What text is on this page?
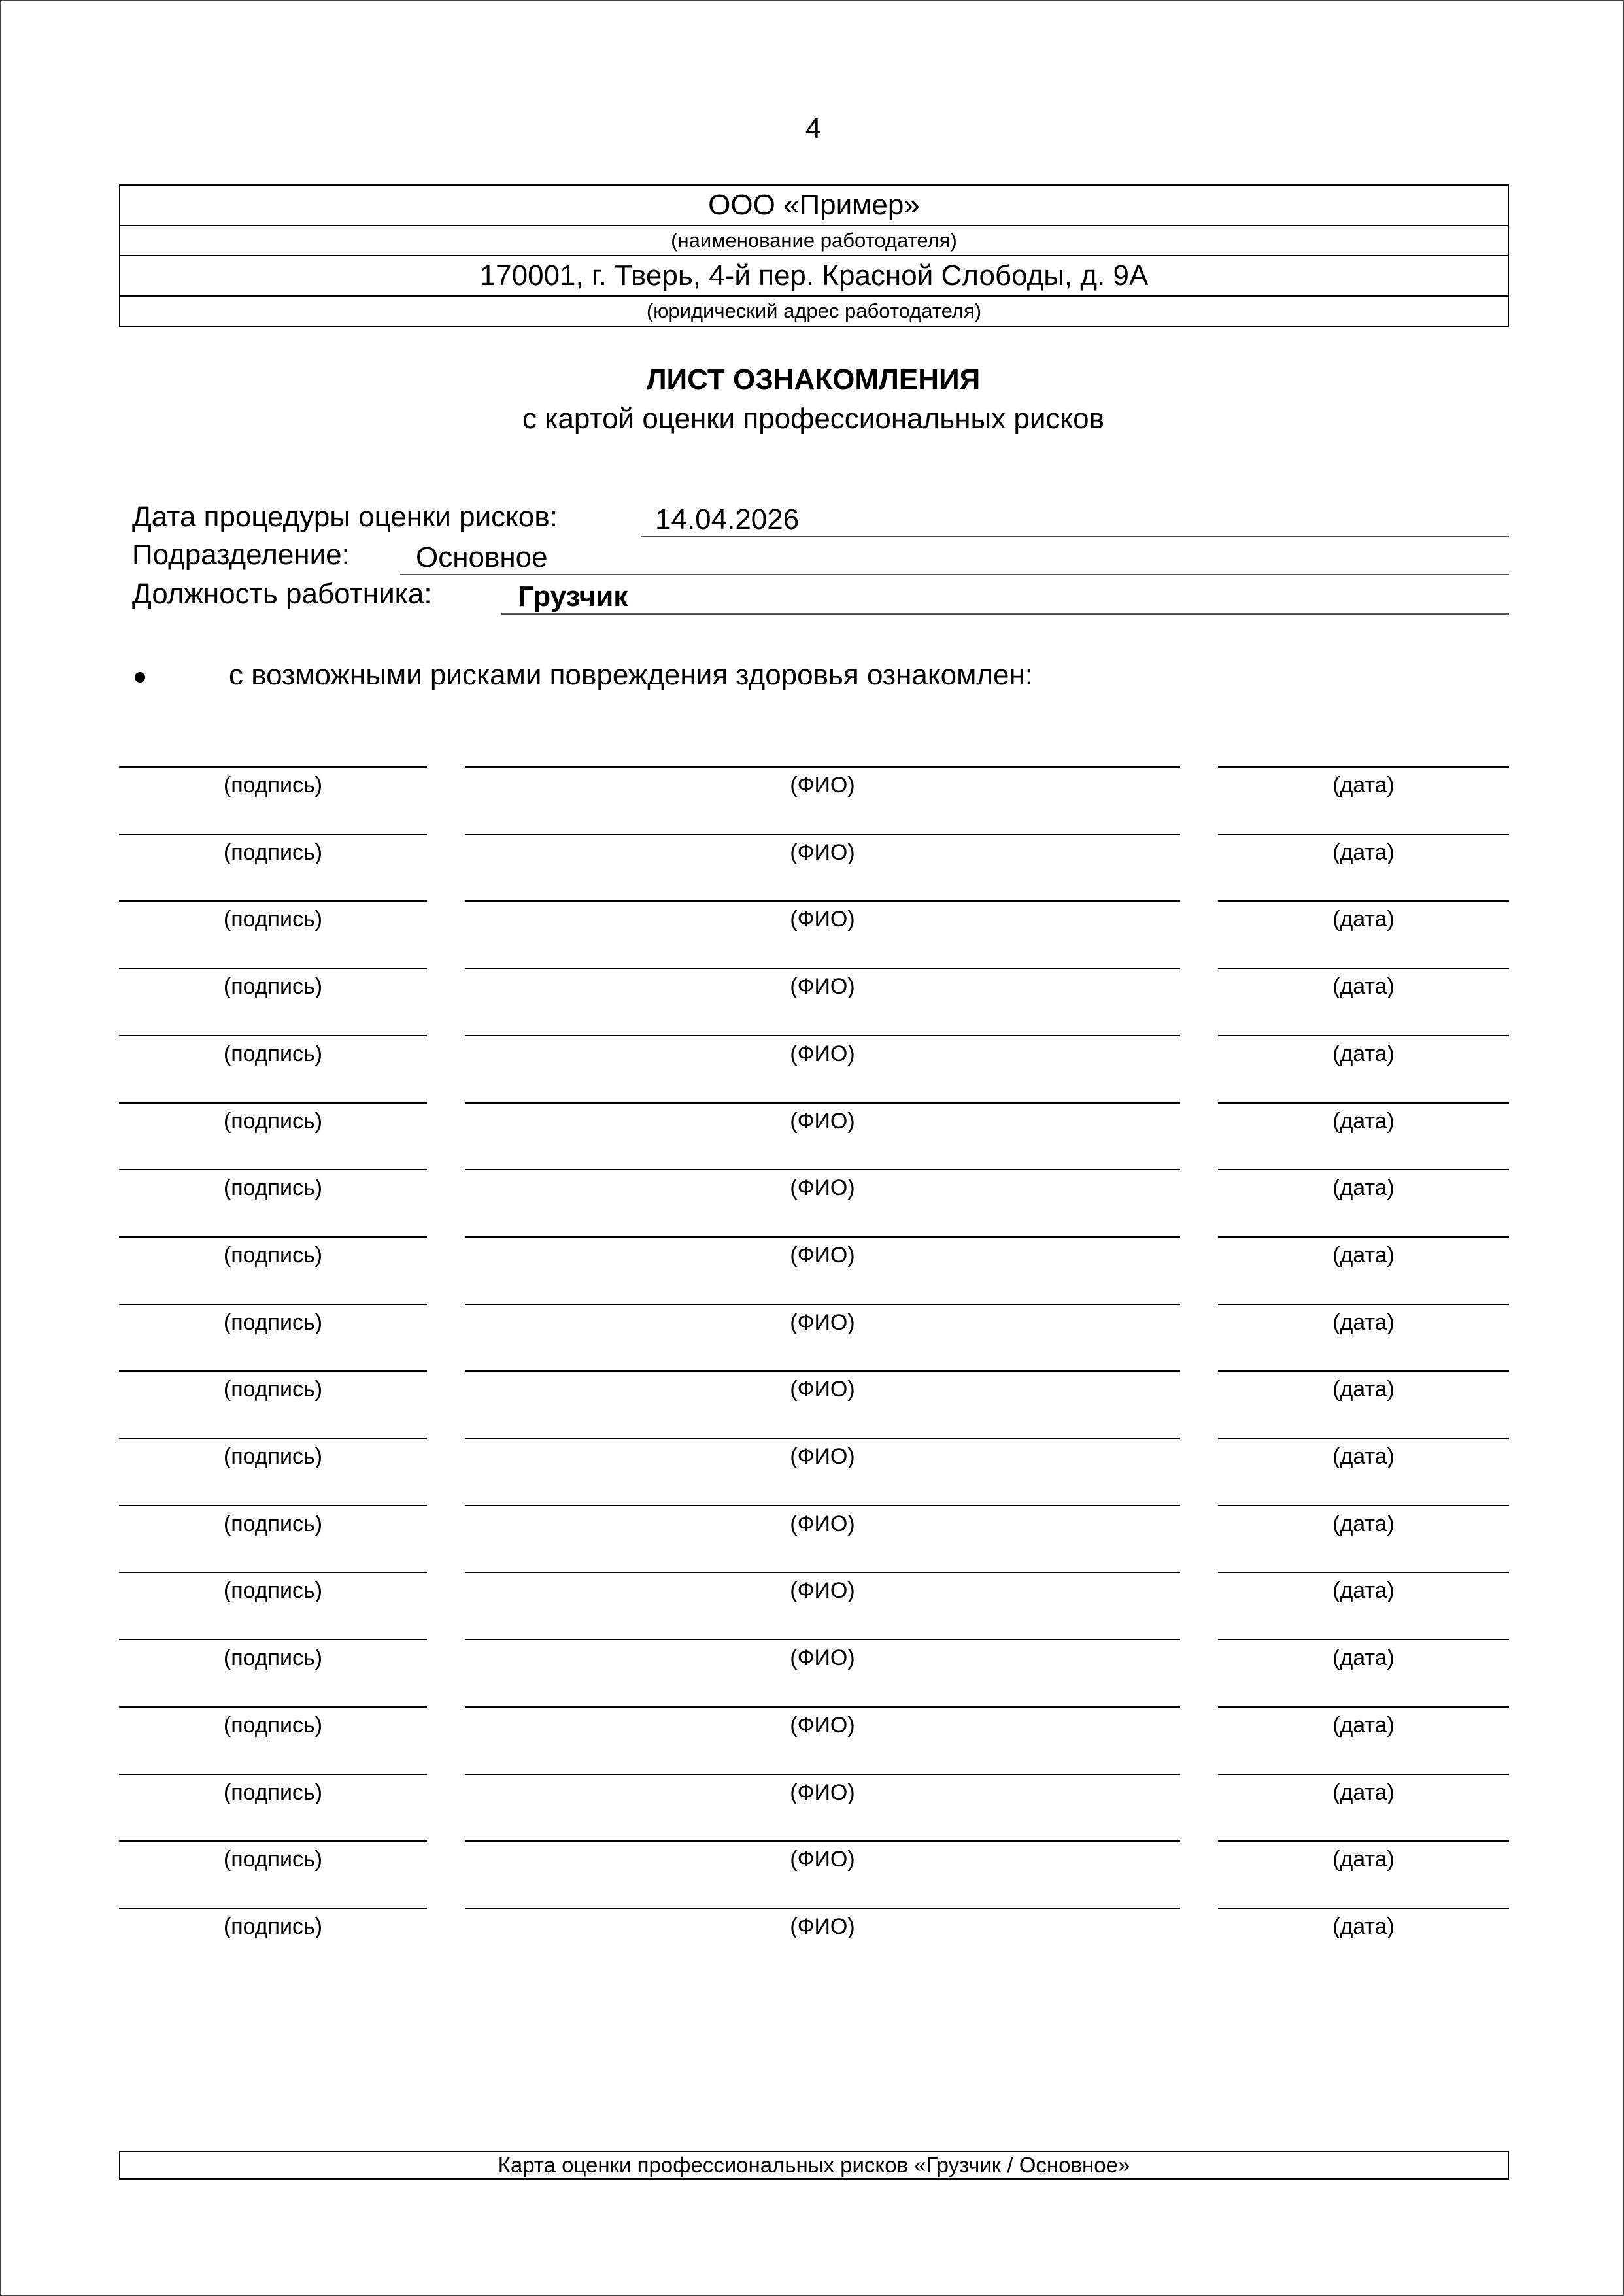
4
ООО «Пример»
(наименование работодателя)
170001, г. Тверь, 4-й пер. Красной Слободы, д. 9А
(юридический адрес работодателя)
ЛИСТ ОЗНАКОМЛЕНИЯ
с картой оценки профессиональных рисков
Дата процедуры оценки рисков:	14.04.2026
Подразделение: Основное
Должность работника:	Грузчик
с возможными рисками повреждения здоровья ознакомлен:
(подпись)	(ФИО)	(дата)
(подпись)	(ФИО)	(дата)
(подпись)	(ФИО)	(дата)
(подпись)	(ФИО)	(дата)
(подпись)	(ФИО)	(дата)
(подпись)	(ФИО)	(дата)
(подпись)	(ФИО)	(дата)
(подпись)	(ФИО)	(дата)
(подпись)	(ФИО)	(дата)
(подпись)	(ФИО)	(дата)
(подпись)	(ФИО)	(дата)
(подпись)	(ФИО)	(дата)
(подпись)	(ФИО)	(дата)
(подпись)	(ФИО)	(дата)
(подпись)	(ФИО)	(дата)
(подпись)	(ФИО)	(дата)
(подпись)	(ФИО)	(дата)
(подпись)	(ФИО)	(дата)
Карта оценки профессиональных рисков «Грузчик / Основное»
